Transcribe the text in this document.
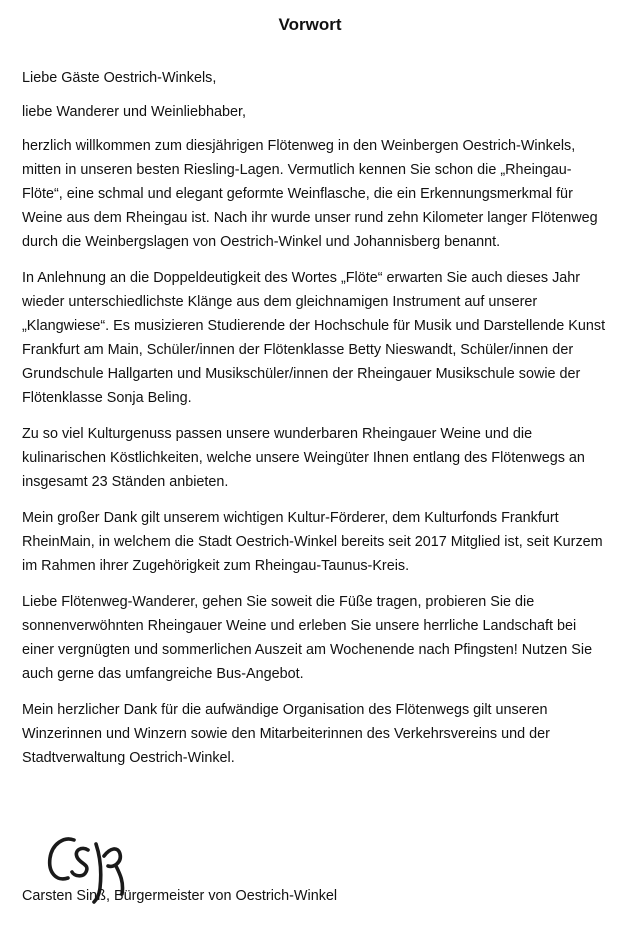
Vorwort

Liebe Gäste Oestrich-Winkels,

liebe Wanderer und Weinliebhaber,

herzlich willkommen zum diesjährigen Flötenweg in den Weinbergen Oestrich-Winkels, mitten in unseren besten Riesling-Lagen. Vermutlich kennen Sie schon die „Rheingau-Flöte“, eine schmal und elegant geformte Weinflasche, die ein Erkennungsmerkmal für Weine aus dem Rheingau ist. Nach ihr wurde unser rund zehn Kilometer langer Flötenweg durch die Weinbergslagen von Oestrich-Winkel und Johannisberg benannt.

In Anlehnung an die Doppeldeutigkeit des Wortes „Flöte“ erwarten Sie auch dieses Jahr wieder unterschiedlichste Klänge aus dem gleichnamigen Instrument auf unserer „Klangwiese“. Es musizieren Studierende der Hochschule für Musik und Darstellende Kunst Frankfurt am Main, Schüler/innen der Flötenklasse Betty Nieswandt, Schüler/innen der Grundschule Hallgarten und Musikschüler/innen der Rheingauer Musikschule sowie der Flötenklasse Sonja Beling.

Zu so viel Kulturgenuss passen unsere wunderbaren Rheingauer Weine und die kulinarischen Köstlichkeiten, welche unsere Weingüter Ihnen entlang des Flötenwegs an insgesamt 23 Ständen anbieten.

Mein großer Dank gilt unserem wichtigen Kultur-Förderer, dem Kulturfonds Frankfurt RheinMain, in welchem die Stadt Oestrich-Winkel bereits seit 2017 Mitglied ist, seit Kurzem im Rahmen ihrer Zugehörigkeit zum Rheingau-Taunus-Kreis.

Liebe Flötenweg-Wanderer, gehen Sie soweit die Füße tragen, probieren Sie die sonnenverwöhnten Rheingauer Weine und erleben Sie unsere herrliche Landschaft bei einer vergnügten und sommerlichen Auszeit am Wochenende nach Pfingsten! Nutzen Sie auch gerne das umfangreiche Bus-Angebot.

Mein herzlicher Dank für die aufwändige Organisation des Flötenwegs gilt unseren Winzerinnen und Winzern sowie den Mitarbeiterinnen des Verkehrsvereins und der Stadtverwaltung Oestrich-Winkel.

Carsten Sinß, Bürgermeister von Oestrich-Winkel
